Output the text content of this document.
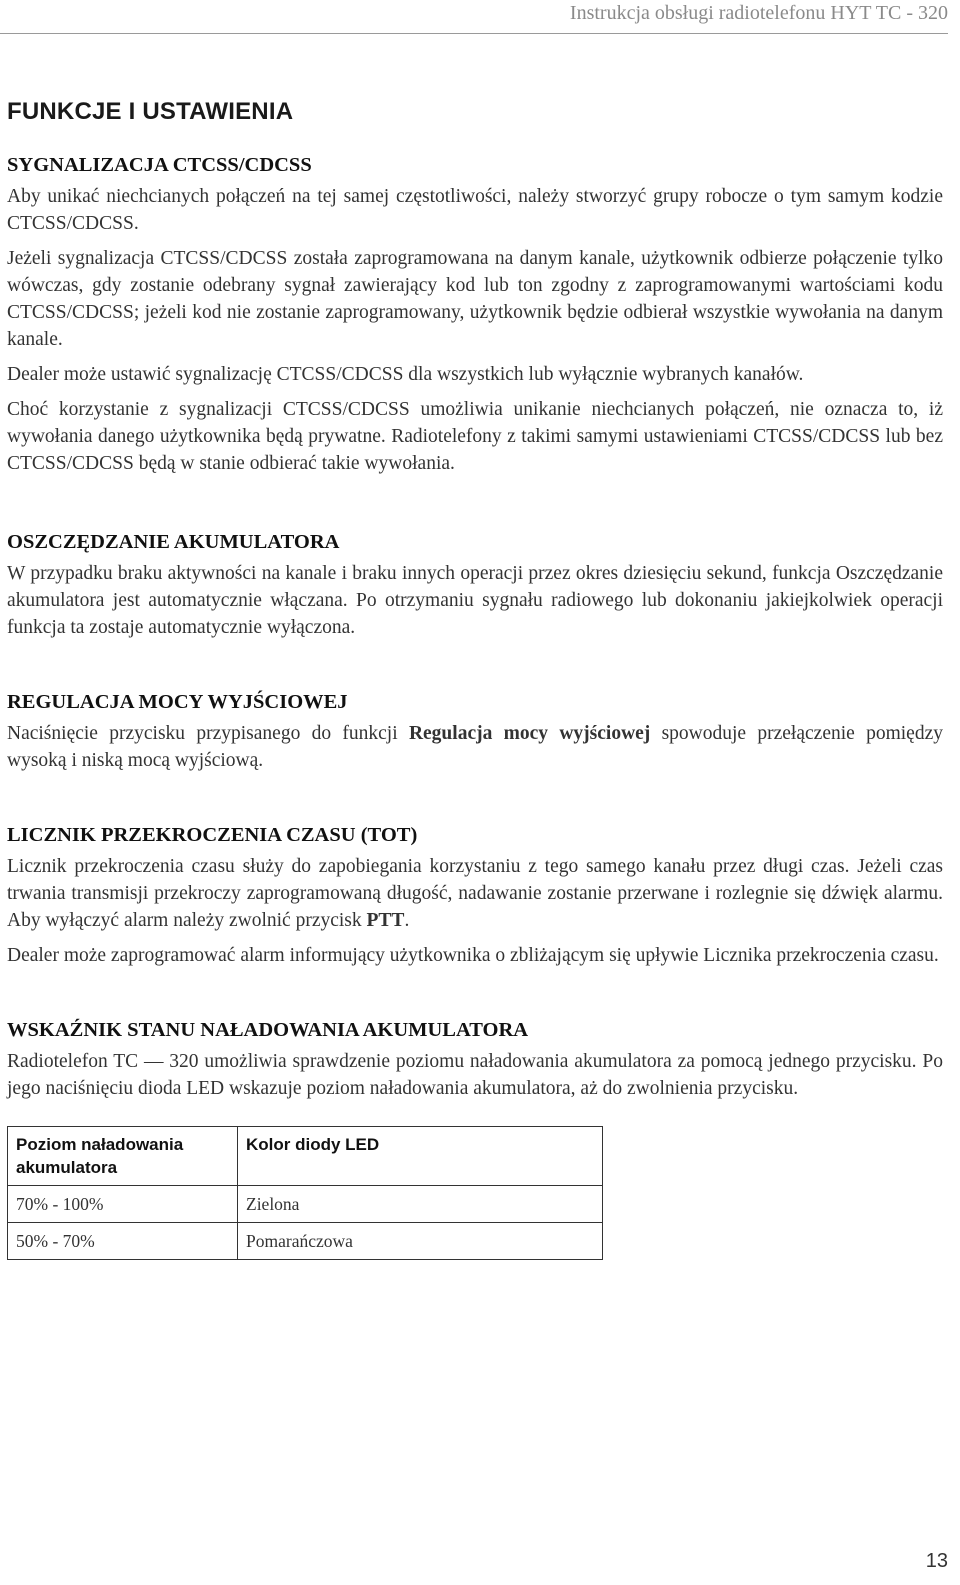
Instrukcja obsługi radiotelefonu HYT TC - 320
FUNKCJE I USTAWIENIA
SYGNALIZACJA CTCSS/CDCSS

Aby unikać niechcianych połączeń na tej samej częstotliwości, należy stworzyć grupy robocze o tym samym kodzie CTCSS/CDCSS.

Jeżeli sygnalizacja CTCSS/CDCSS została zaprogramowana na danym kanale, użytkownik odbierze połączenie tylko wówczas, gdy zostanie odebrany sygnał zawierający kod lub ton zgodny z zaprogramowanymi wartościami kodu CTCSS/CDCSS; jeżeli kod nie zostanie zaprogramowany, użytkownik będzie odbierał wszystkie wywołania na danym kanale.

Dealer może ustawić sygnalizację CTCSS/CDCSS dla wszystkich lub wyłącznie wybranych kanałów.

Choć korzystanie z sygnalizacji CTCSS/CDCSS umożliwia unikanie niechcianych połączeń, nie oznacza to, iż wywołania danego użytkownika będą prywatne. Radiotelefony z takimi samymi ustawieniami CTCSS/CDCSS lub bez CTCSS/CDCSS będą w stanie odbierać takie wywołania.

OSZCZĘDZANIE AKUMULATORA

W przypadku braku aktywności na kanale i braku innych operacji przez okres dziesięciu sekund, funkcja Oszczędzanie akumulatora jest automatycznie włączana. Po otrzymaniu sygnału radiowego lub dokonaniu jakiejkolwiek operacji funkcja ta zostaje automatycznie wyłączona.

REGULACJA MOCY WYJŚCIOWEJ

Naciśnięcie przycisku przypisanego do funkcji Regulacja mocy wyjściowej spowoduje przełączenie pomiędzy wysoką i niską mocą wyjściową.

LICZNIK PRZEKROCZENIA CZASU (TOT)

Licznik przekroczenia czasu służy do zapobiegania korzystaniu z tego samego kanału przez długi czas. Jeżeli czas trwania transmisji przekroczy zaprogramowaną długość, nadawanie zostanie przerwane i rozlegnie się dźwięk alarmu. Aby wyłączyć alarm należy zwolnić przycisk PTT.

Dealer może zaprogramować alarm informujący użytkownika o zbliżającym się upływie Licznika przekroczenia czasu.

WSKAŹNIK STANU NAŁADOWANIA AKUMULATORA

Radiotelefon TC — 320 umożliwia sprawdzenie poziomu naładowania akumulatora za pomocą jednego przycisku. Po jego naciśnięciu dioda LED wskazuje poziom naładowania akumulatora, aż do zwolnienia przycisku.

Poziom naładowania akumulatora	Kolor diody LED
70% - 100%	Zielona
50% - 70%	Pomarańczowa
13
